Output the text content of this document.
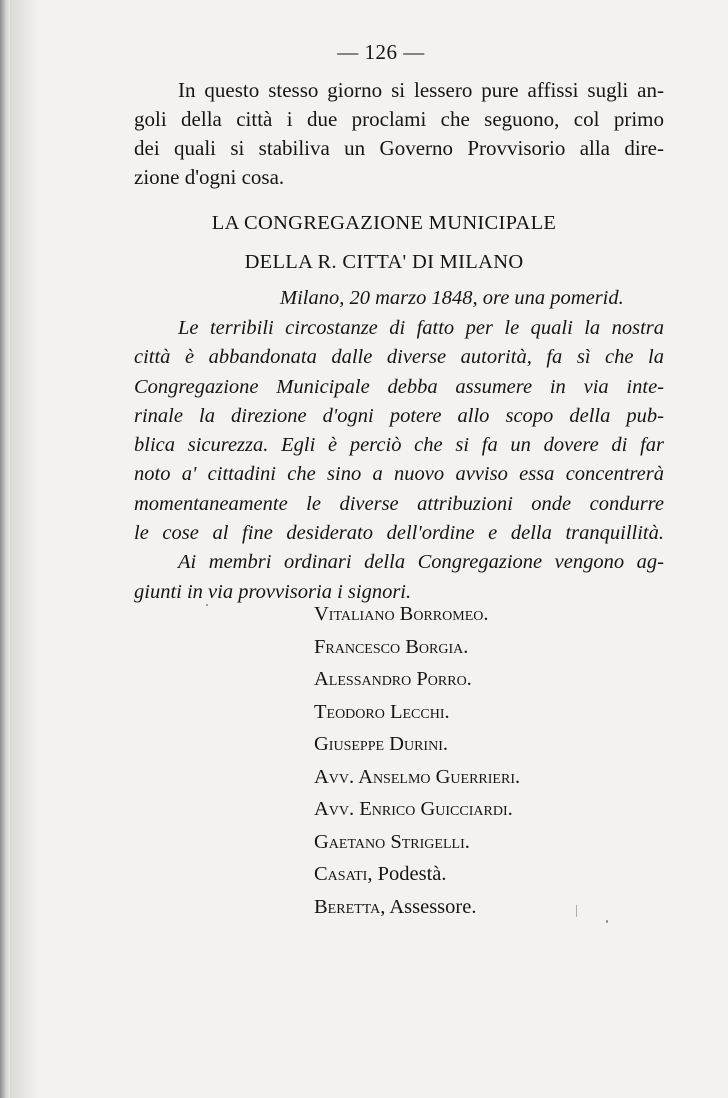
— 126 —
In questo stesso giorno si lessero pure affissi sugli an-
goli della città i due proclami che seguono, col primo
dei quali si stabiliva un Governo Provvisorio alla dire-
zione d'ogni cosa.
LA CONGREGAZIONE MUNICIPALE
DELLA R. CITTA' DI MILANO
Milano, 20 marzo 1848, ore una pomerid.
Le terribili circostanze di fatto per le quali la nostra
città è abbandonata dalle diverse autorità, fa sì che la
Congregazione Municipale debba assumere in via inte-
rinale la direzione d'ogni potere allo scopo della pub-
blica sicurezza. Egli è perciò che si fa un dovere di far
noto a' cittadini che sino a nuovo avviso essa concentrerà
momentaneamente le diverse attribuzioni onde condurre
le cose al fine desiderato dell'ordine e della tranquillità.
Ai membri ordinari della Congregazione vengono ag-
giunti in via provvisoria i signori.
Vitaliano Borromeo.
Francesco Borgia.
Alessandro Porro.
Teodoro Lecchi.
Giuseppe Durini.
Avv. Anselmo Guerrieri.
Avv. Enrico Guicciardi.
Gaetano Strigelli.
Casati, Podestà.
Beretta, Assessore.
